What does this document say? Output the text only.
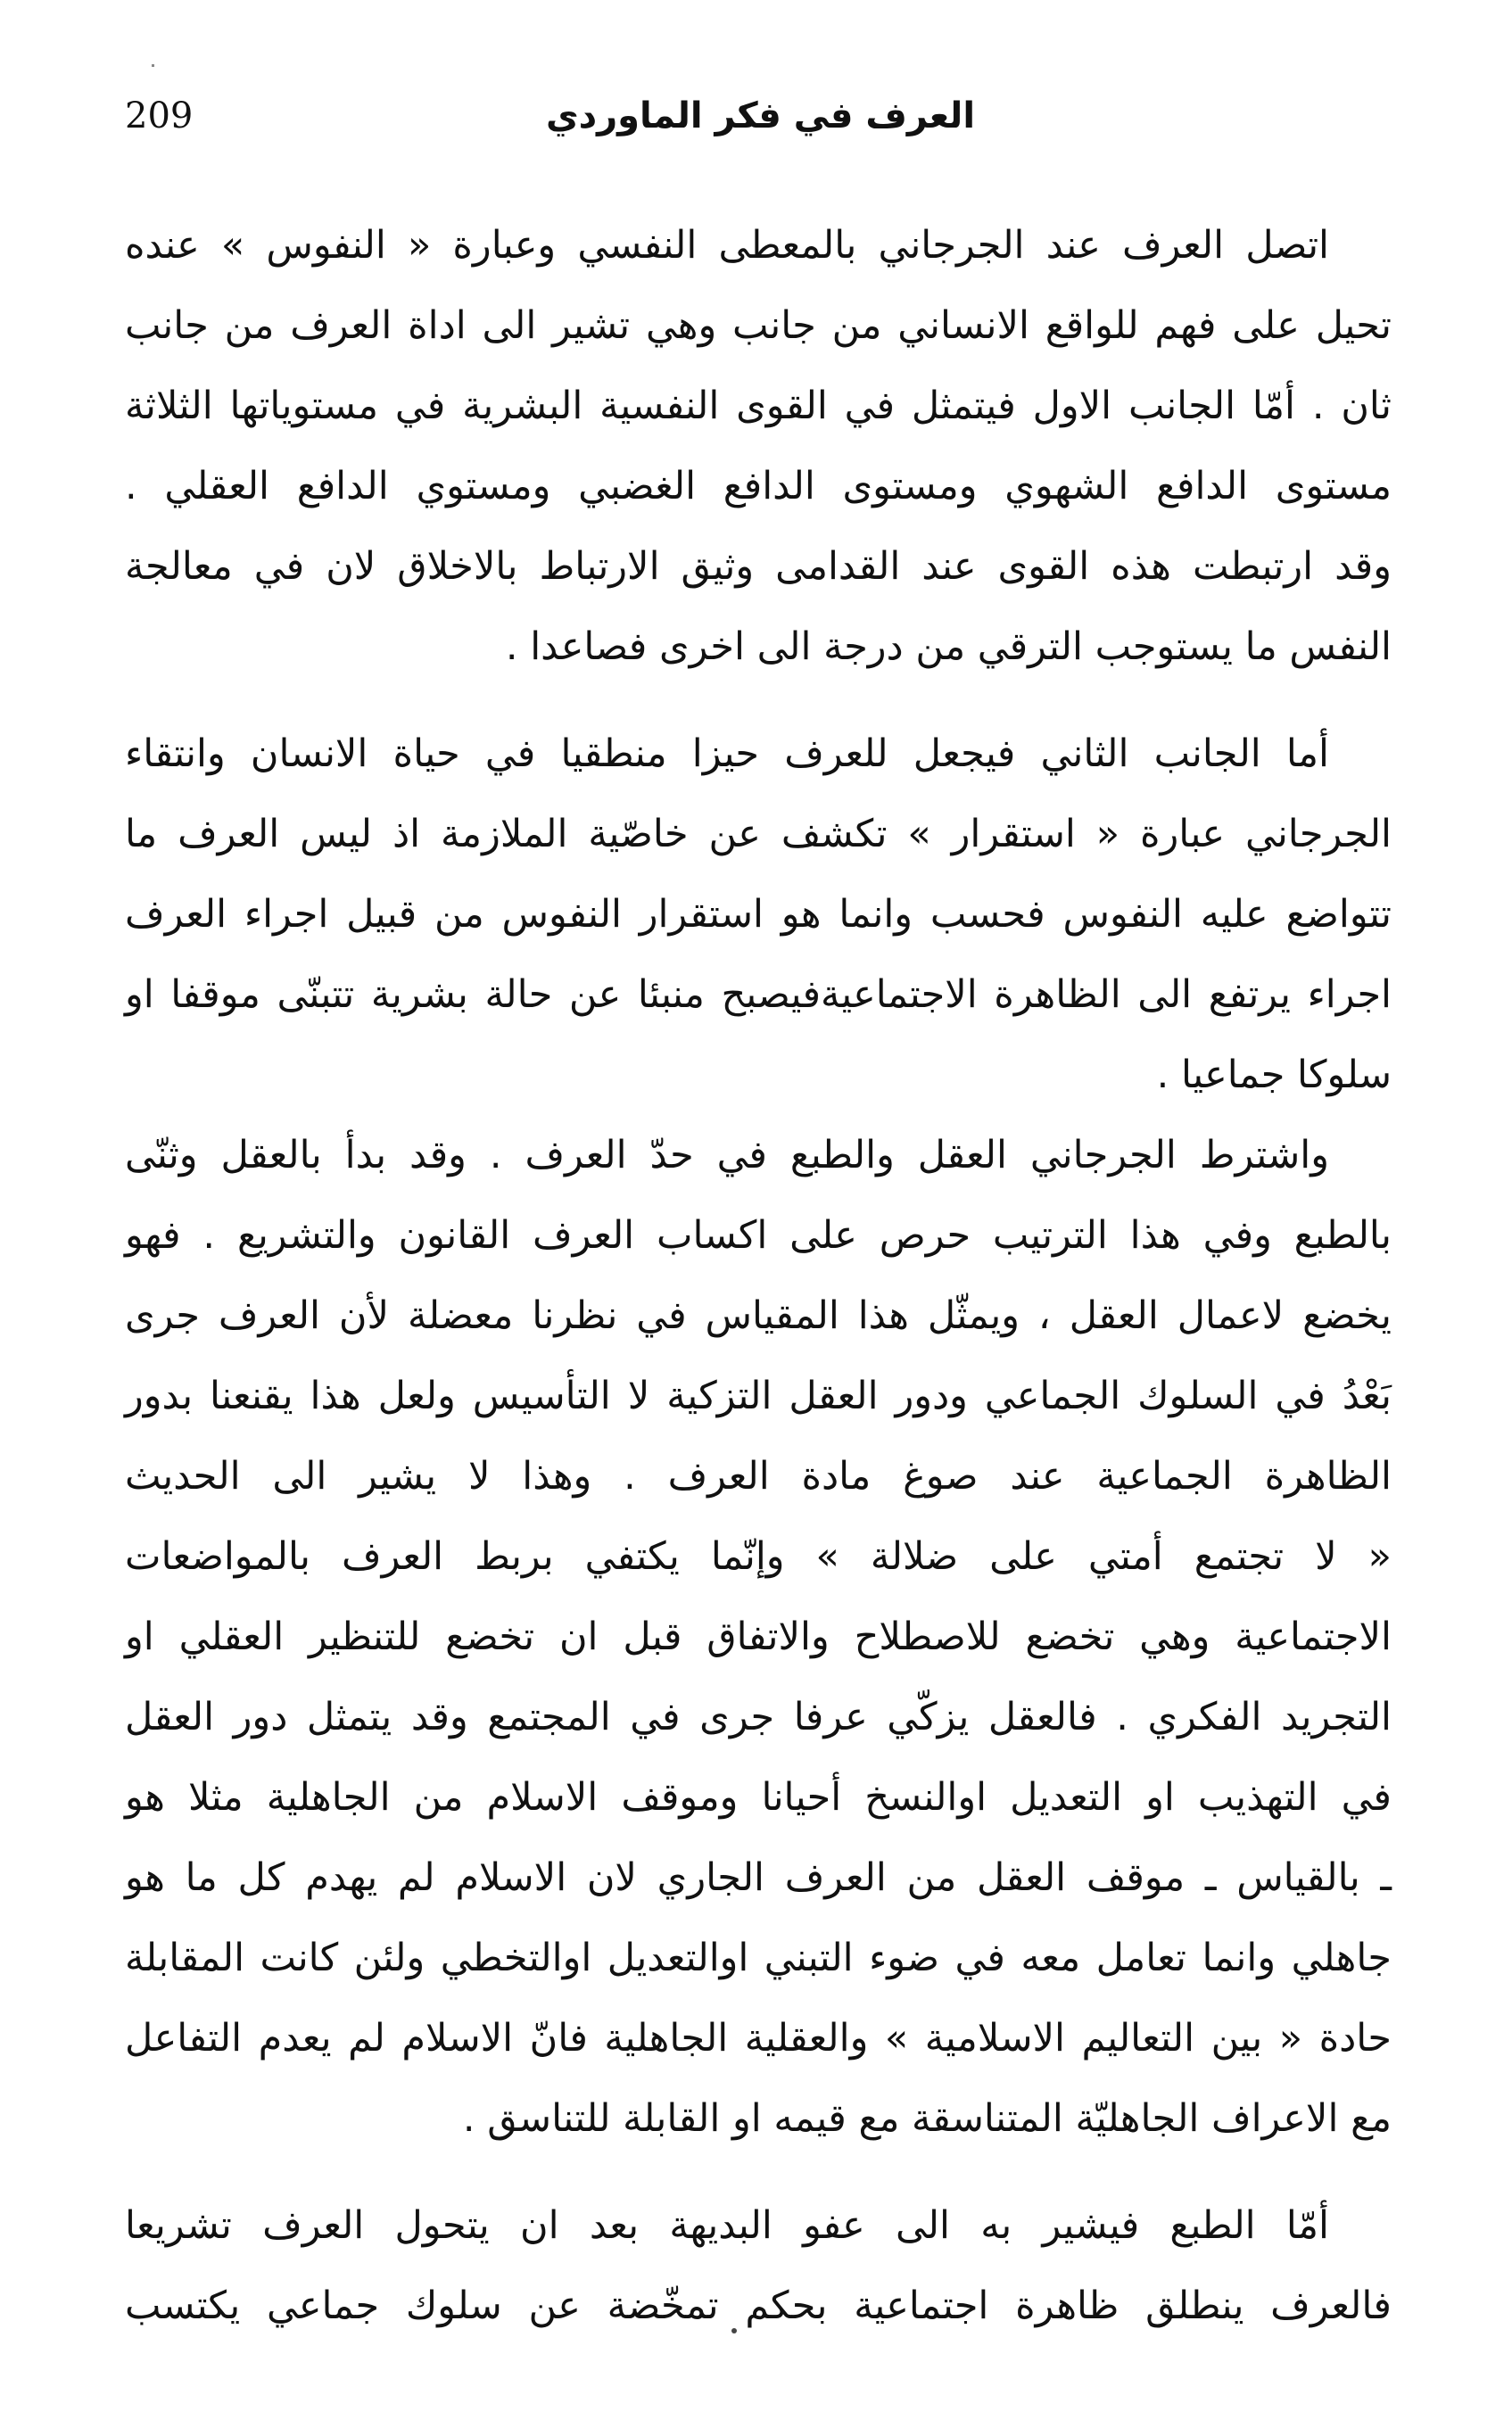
209	العرف في فكر الماوردي

اتصل العرف عند الجرجاني بالمعطى النفسي وعبارة « النفوس » عنده
تحيل على فهم للواقع الانساني من جانب وهي تشير الى اداة العرف من جانب
ثان . أمّا الجانب الاول فيتمثل في القوى النفسية البشرية في مستوياتها الثلاثة
مستوى الدافع الشهوي ومستوى الدافع الغضبي ومستوي الدافع العقلي .
وقد ارتبطت هذه القوى عند القدامى وثيق الارتباط بالاخلاق لان في معالجة
النفس ما يستوجب الترقي من درجة الى اخرى فصاعدا .

أما الجانب الثاني فيجعل للعرف حيزا منطقيا في حياة الانسان وانتقاء
الجرجاني عبارة « استقرار » تكشف عن خاصّية الملازمة اذ ليس العرف ما
تتواضع عليه النفوس فحسب وانما هو استقرار النفوس من قبيل اجراء العرف
اجراء يرتفع الى الظاهرة الاجتماعيةفيصبح منبئا عن حالة بشرية تتبنّى موقفا او
سلوكا جماعيا .

واشترط الجرجاني العقل والطبع في حدّ العرف . وقد بدأ بالعقل وثنّى
بالطبع وفي هذا الترتيب حرص على اكساب العرف القانون والتشريع . فهو
يخضع لاعمال العقل ، ويمثّل هذا المقياس في نظرنا معضلة لأن العرف جرى
بَعْدُ في السلوك الجماعي ودور العقل التزكية لا التأسيس ولعل هذا يقنعنا بدور
الظاهرة الجماعية عند صوغ مادة العرف . وهذا لا يشير الى الحديث
« لا تجتمع أمتي على ضلالة » وإنّما يكتفي بربط العرف بالمواضعات
الاجتماعية وهي تخضع للاصطلاح والاتفاق قبل ان تخضع للتنظير العقلي او
التجريد الفكري . فالعقل يزكّي عرفا جرى في المجتمع وقد يتمثل دور العقل
في التهذيب او التعديل اوالنسخ أحيانا وموقف الاسلام من الجاهلية مثلا هو
ـ بالقياس ـ موقف العقل من العرف الجاري لان الاسلام لم يهدم كل ما هو
جاهلي وانما تعامل معه في ضوء التبني اوالتعديل اوالتخطي ولئن كانت المقابلة
حادة « بين التعاليم الاسلامية » والعقلية الجاهلية فانّ الاسلام لم يعدم التفاعل
مع الاعراف الجاهليّة المتناسقة مع قيمه او القابلة للتناسق .

أمّا الطبع فيشير به الى عفو البديهة بعد ان يتحول العرف تشريعا
فالعرف ينطلق ظاهرة اجتماعية بحكم تمخّضة عن سلوك جماعي يكتسب
